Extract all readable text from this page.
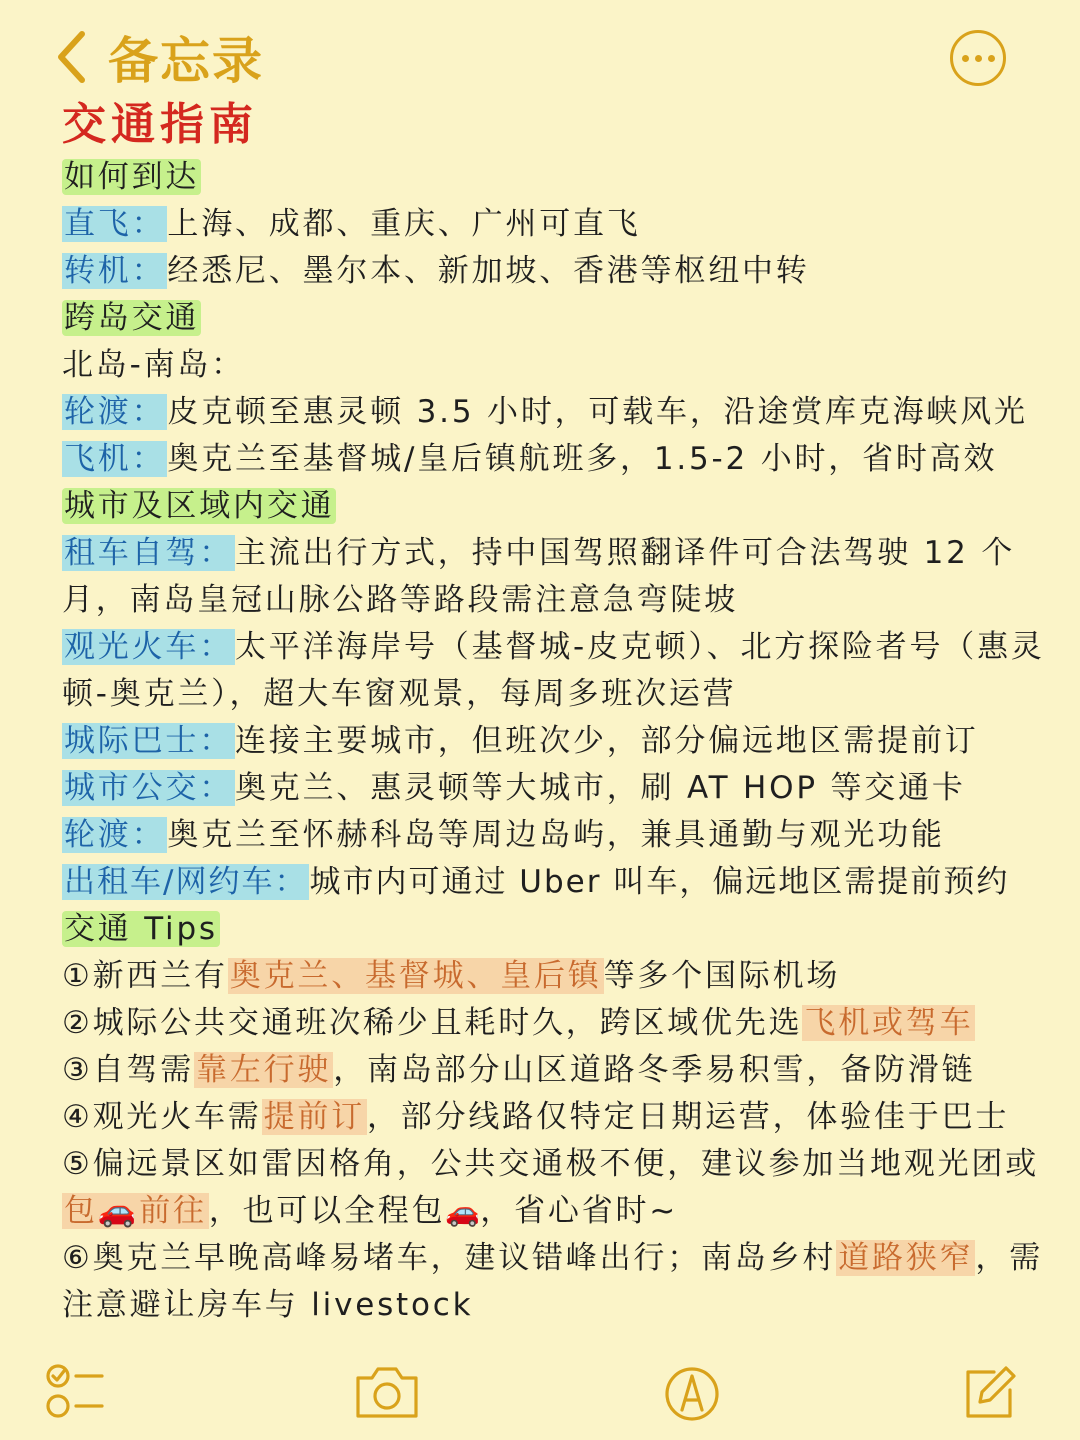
备忘录
交通指南

如何到达

直飞：上海、成都、重庆、广州可直飞

转机：经悉尼、墨尔本、新加坡、香港等枢纽中转

跨岛交通

北岛-南岛：

轮渡：皮克顿至惠灵顿 3.5 小时，可载车，沿途赏库克海峡风光

飞机：奥克兰至基督城/皇后镇航班多，1.5-2 小时，省时高效

城市及区域内交通

租车自驾：主流出行方式，持中国驾照翻译件可合法驾驶 12 个月，南岛皇冠山脉公路等路段需注意急弯陡坡

观光火车：太平洋海岸号（基督城-皮克顿）、北方探险者号（惠灵顿-奥克兰），超大车窗观景，每周多班次运营

城际巴士：连接主要城市，但班次少，部分偏远地区需提前订

城市公交：奥克兰、惠灵顿等大城市，刷 AT HOP 等交通卡

轮渡：奥克兰至怀赫科岛等周边岛屿，兼具通勤与观光功能

出租车/网约车：城市内可通过 Uber 叫车，偏远地区需提前预约

交通 Tips

①新西兰有奥克兰、基督城、皇后镇等多个国际机场

②城际公共交通班次稀少且耗时久，跨区域优先选飞机或驾车

③自驾需靠左行驶，南岛部分山区道路冬季易积雪，备防滑链

④观光火车需提前订，部分线路仅特定日期运营，体验佳于巴士

⑤偏远景区如雷因格角，公共交通极不便，建议参加当地观光团或包🚗前往，也可以全程包🚗，省心省时~

⑥奥克兰早晚高峰易堵车，建议错峰出行；南岛乡村道路狭窄，需注意避让房车与 livestock
